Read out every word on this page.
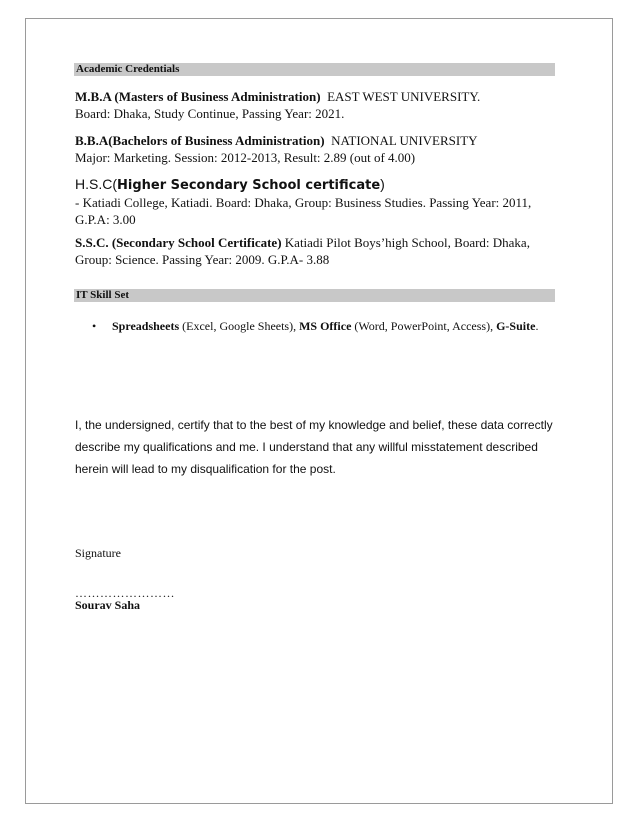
Academic Credentials
M.B.A (Masters of Business Administration) EAST WEST UNIVERSITY.
Board: Dhaka, Study Continue, Passing Year: 2021.
B.B.A(Bachelors of Business Administration) NATIONAL UNIVERSITY
Major: Marketing. Session: 2012-2013, Result: 2.89 (out of 4.00)
H.S.C(Higher Secondary School certificate)
- Katiadi College, Katiadi. Board: Dhaka, Group: Business Studies. Passing Year: 2011,
G.P.A: 3.00
S.S.C. (Secondary School Certificate) Katiadi Pilot Boys’high School, Board: Dhaka, Group: Science. Passing Year: 2009. G.P.A- 3.88
IT Skill Set
• Spreadsheets (Excel, Google Sheets), MS Office (Word, PowerPoint, Access), G-Suite.
I, the undersigned, certify that to the best of my knowledge and belief, these data correctly describe my qualifications and me. I understand that any willful misstatement described herein will lead to my disqualification for the post.
Signature
……………………
Sourav Saha
